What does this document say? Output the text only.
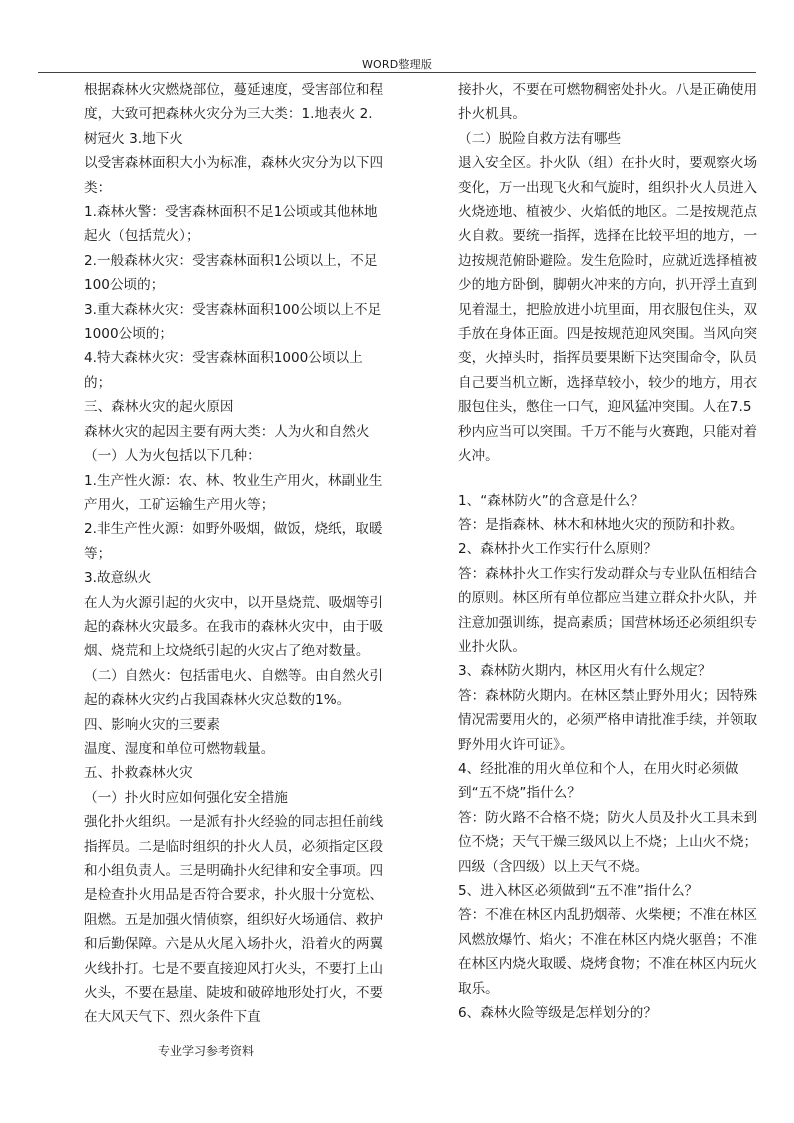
WORD整理版

根据森林火灾燃烧部位，蔓延速度，受害部位和程度，大致可把森林火灾分为三大类：1.地表火 2.树冠火 3.地下火

以受害森林面积大小为标准，森林火灾分为以下四类：

1.森林火警：受害森林面积不足1公顷或其他林地起火（包括荒火）；

2.一般森林火灾：受害森林面积1公顷以上，不足100公顷的；

3.重大森林火灾：受害森林面积100公顷以上不足1000公顷的；

4.特大森林火灾：受害森林面积1000公顷以上的；

三、森林火灾的起火原因

森林火灾的起因主要有两大类：人为火和自然火

（一）人为火包括以下几种：

1.生产性火源：农、林、牧业生产用火，林副业生产用火，工矿运输生产用火等；

2.非生产性火源：如野外吸烟，做饭，烧纸，取暖等；

3.故意纵火

在人为火源引起的火灾中，以开垦烧荒、吸烟等引起的森林火灾最多。在我市的森林火灾中，由于吸烟、烧荒和上坟烧纸引起的火灾占了绝对数量。

（二）自然火：包括雷电火、自燃等。由自然火引起的森林火灾约占我国森林火灾总数的1%。

四、影响火灾的三要素

温度、湿度和单位可燃物载量。

五、扑救森林火灾

（一）扑火时应如何强化安全措施

强化扑火组织。一是派有扑火经验的同志担任前线指挥员。二是临时组织的扑火人员，必须指定区段和小组负责人。三是明确扑火纪律和安全事项。四是检查扑火用品是否符合要求，扑火服十分宽松、阻燃。五是加强火情侦察，组织好火场通信、救护和后勤保障。六是从火尾入场扑火，沿着火的两翼火线扑打。七是不要直接迎风打火头，不要打上山火头，不要在悬崖、陡坡和破碎地形处打火，不要在大风天气下、烈火条件下直

接扑火，不要在可燃物稠密处扑火。八是正确使用扑火机具。

（二）脱险自救方法有哪些

退入安全区。扑火队（组）在扑火时，要观察火场变化，万一出现飞火和气旋时，组织扑火人员进入火烧迹地、植被少、火焰低的地区。二是按规范点火自救。要统一指挥，选择在比较平坦的地方，一边按规范俯卧避险。发生危险时，应就近选择植被少的地方卧倒，脚朝火冲来的方向，扒开浮土直到见着湿土，把脸放进小坑里面，用衣服包住头，双手放在身体正面。四是按规范迎风突围。当风向突变，火掉头时，指挥员要果断下达突围命令，队员自己要当机立断，选择草较小，较少的地方，用衣服包住头，憋住一口气，迎风猛冲突围。人在7.5秒内应当可以突围。千万不能与火赛跑，只能对着火冲。

1、“森林防火”的含意是什么？

答：是指森林、林木和林地火灾的预防和扑救。

2、森林扑火工作实行什么原则？

答：森林扑火工作实行发动群众与专业队伍相结合的原则。林区所有单位都应当建立群众扑火队，并注意加强训练，提高素质；国营林场还必须组织专业扑火队。

3、森林防火期内，林区用火有什么规定？

答：森林防火期内。在林区禁止野外用火；因特殊情况需要用火的，必须严格申请批准手续，并领取野外用火许可证》。

4、经批准的用火单位和个人，在用火时必须做到“五不烧”指什么？

答：防火路不合格不烧；防火人员及扑火工具未到位不烧；天气干燥三级风以上不烧；上山火不烧；四级（含四级）以上天气不烧。

5、进入林区必须做到“五不准”指什么？

答：不准在林区内乱扔烟蒂、火柴梗；不准在林区风燃放爆竹、焰火；不准在林区内烧火驱兽；不准在林区内烧火取暖、烧烤食物；不准在林区内玩火取乐。

6、森林火险等级是怎样划分的？

专业学习参考资料
